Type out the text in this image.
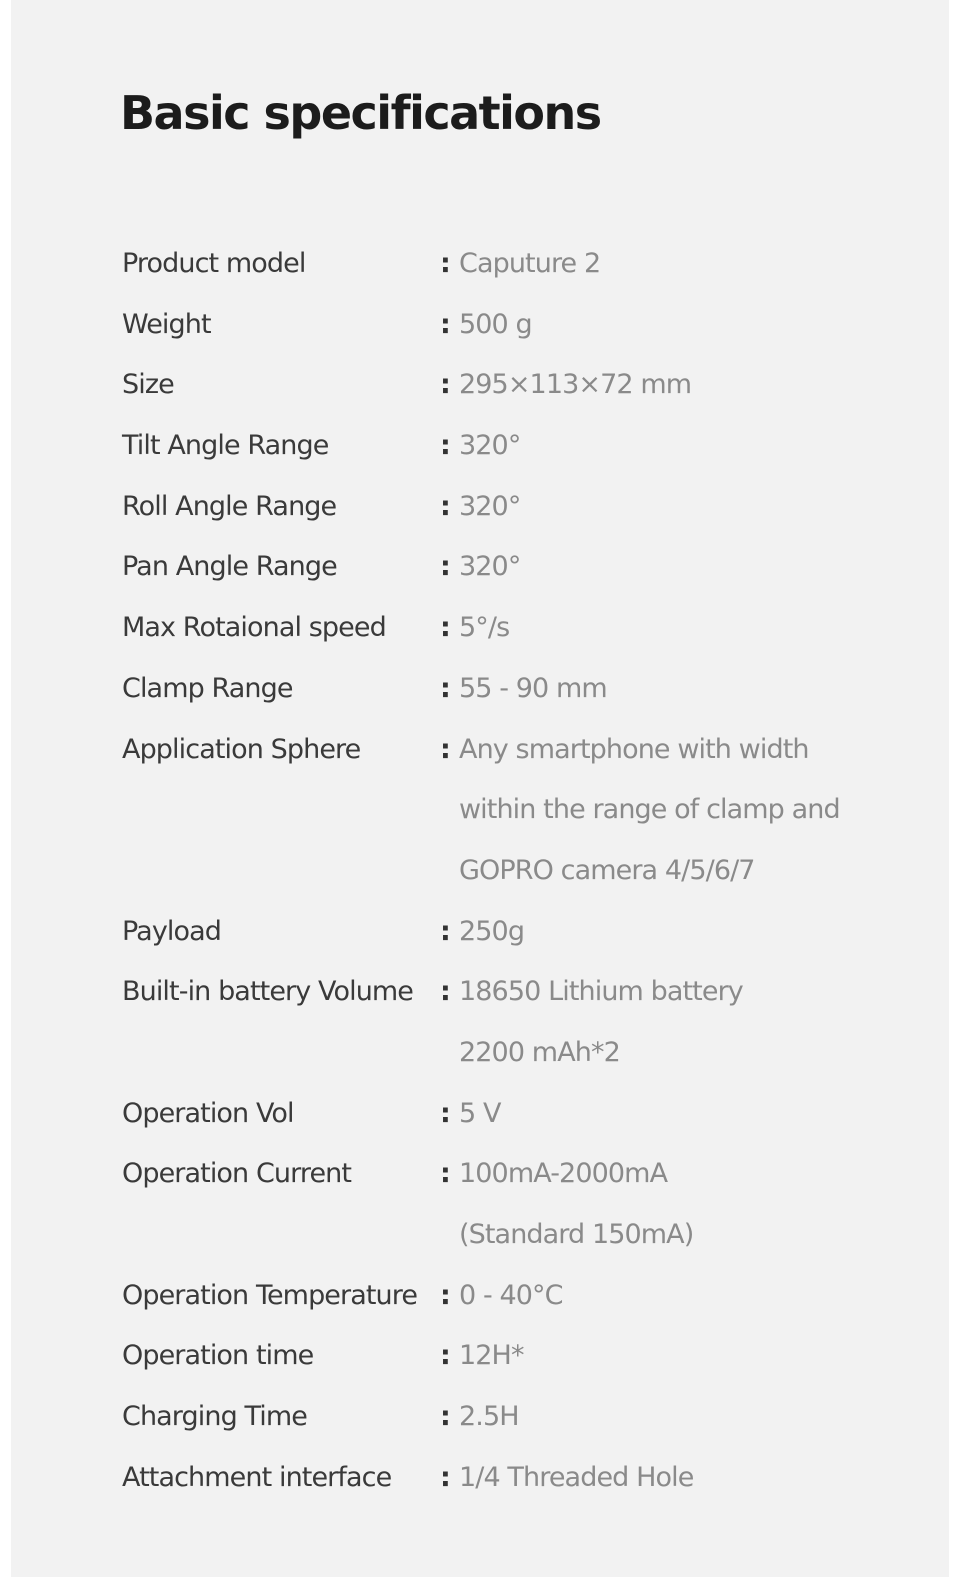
Basic specifications
Product model	: Caputure 2
Weight	: 500 g
Size	: 295×113×72 mm
Tilt Angle Range	: 320°
Roll Angle Range	: 320°
Pan Angle Range	: 320°
Max Rotaional speed	: 5°/s
Clamp Range	: 55 - 90 mm
Application Sphere	: Any smartphone with width
within the range of clamp and
GOPRO camera 4/5/6/7
Payload	: 250g
Built-in battery Volume : 18650 Lithium battery
2200 mAh*2
Operation Vol	: 5 V
Operation Current	: 100mA-2000mA
(Standard 150mA)
Operation Temperature : 0 - 40°C
Operation time	: 12H*
Charging Time	: 2.5H
Attachment interface	: 1/4 Threaded Hole
